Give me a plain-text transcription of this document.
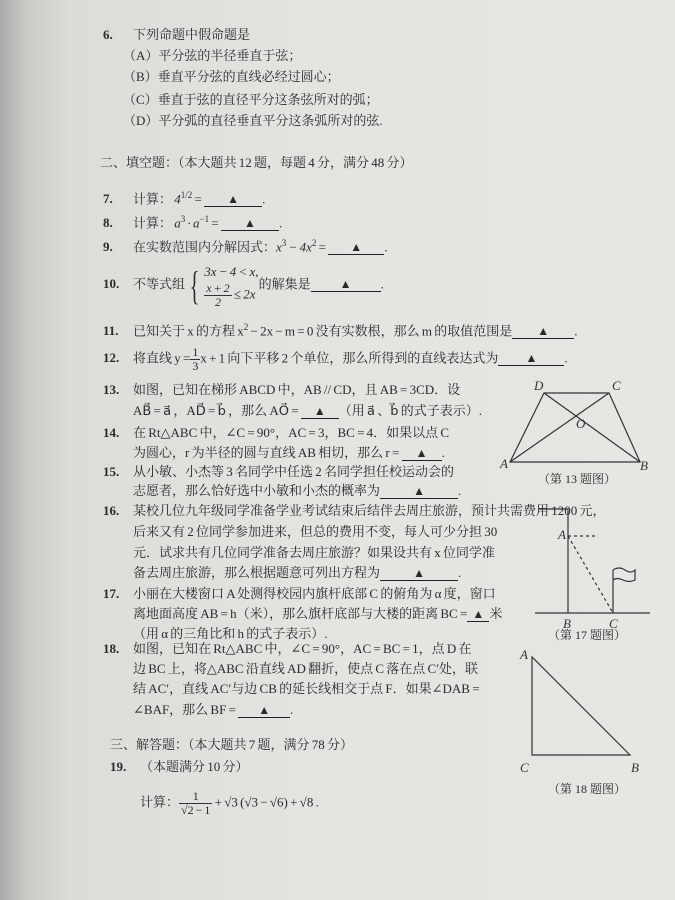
6. 下列命题中假命题是
（A）平分弦的半径垂直于弦；
（B）垂直平分弦的直线必经过圆心；
（C）垂直于弦的直径平分这条弦所对的弧；
（D）平分弧的直径垂直平分这条弧所对的弦.
二、填空题：（本大题共 12 题，每题 4 分，满分 48 分）
7. 计算： $4^{1/2}$ = ▲ .
8. 计算： $a^3 \cdot a^{-1}$ = ▲ .
9. 在实数范围内分解因式：$x^3 - 4x^2$ = ▲ .
10. 不等式组 { 3x − 4 < x,
$\frac{x + 2}{2} \le 2x$
的解集是 ▲ .
11. 已知关于 x 的方程 $x^2 - 2x - m = 0$ 没有实数根，那么 m 的取值范围是 ▲ .
12. 将直线 $y = \frac{1}{3}$ x + 1 向下平移 2 个单位，那么所得到的直线表达式为 ▲ .
13. 如图，已知在梯形 ABCD 中，AB // CD，且 AB = 3CD．设
AB⃗ = a⃗ ，AD⃗ = b⃗ ，那么 AO⃗ = ▲ （用 a⃗ 、b⃗ 的式子表示）.
14. 在 Rt△ABC 中，∠C = 90°，AC = 3，BC = 4．如果以点 C
为圆心，r 为半径的圆与直线 AB 相切，那么 r = ▲ .
15. 从小敏、小杰等 3 名同学中任选 2 名同学担任校运动会的
志愿者，那么恰好选中小敏和小杰的概率为	▲	.
16. 某校几位九年级同学准备学业考试结束后结伴去周庄旅游，预计共需费用 1200 元，
后来又有 2 位同学参加进来，但总的费用不变，每人可少分担 30
元．试求共有几位同学准备去周庄旅游？如果设共有 x 位同学准
备去周庄旅游，那么根据题意可列出方程为	▲	.
17. 小丽在大楼窗口 A 处测得校园内旗杆底部 C 的俯角为 α 度，窗口
离地面高度 AB = h（米），那么旗杆底部与大楼的距离 BC = ▲ 米
（用 α 的三角比和 h 的式子表示）.
18. 如图，已知在 Rt△ABC 中，∠C = 90°，AC = BC = 1，点 D 在
边 BC 上，将△ABC 沿直线 AD 翻折，使点 C 落在点 C′处，联
结 AC′，直线 AC′与边 CB 的延长线相交于点 F．如果∠DAB =
∠BAF，那么 BF = ▲ .
三、解答题：（本大题共 7 题，满分 78 分）
19. （本题满分 10 分）
计算： $\frac{1}{√2 - 1} + √3$ (√3 − √6) + √8 .
A	B
C
D
O
（第 13 题图）
A
B	C
（第 17 题图）
A
C	B
（第 18 题图）
